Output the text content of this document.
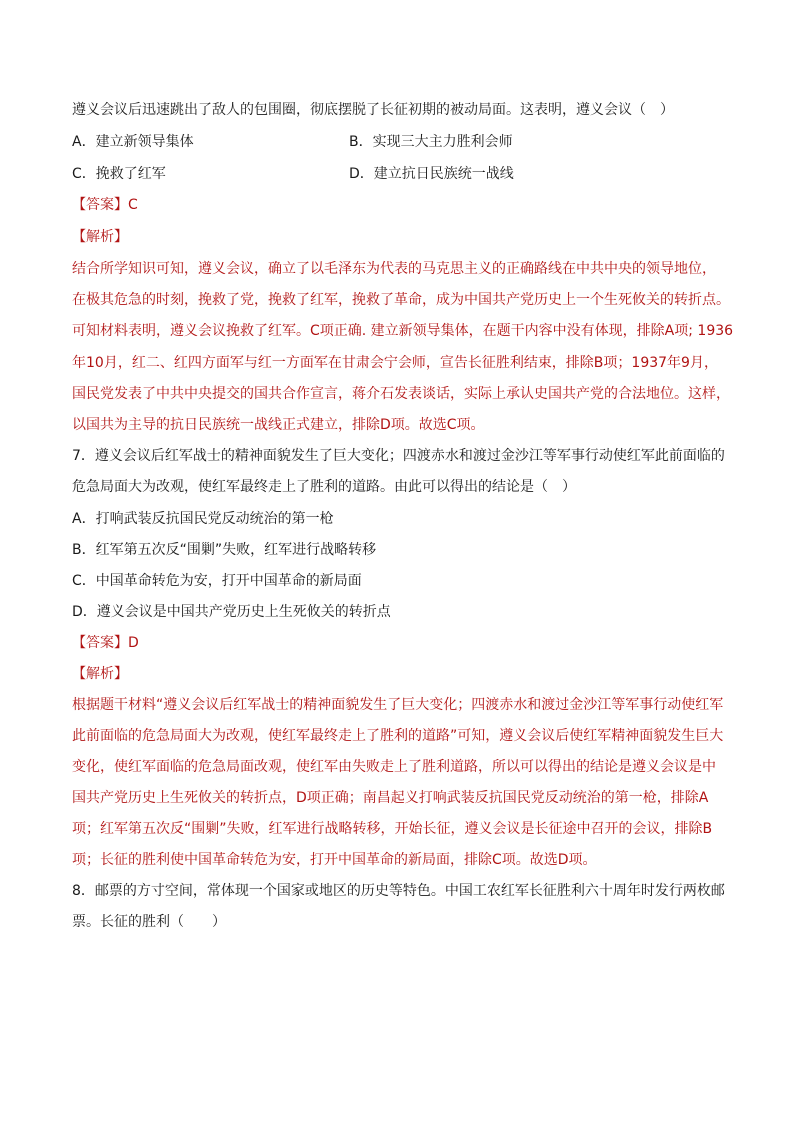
遵义会议后迅速跳出了敌人的包围圈，彻底摆脱了长征初期的被动局面。这表明，遵义会议（　）
A．建立新领导集体	B．实现三大主力胜利会师
C．挽救了红军	D．建立抗日民族统一战线
【答案】C
【解析】
结合所学知识可知，遵义会议，确立了以毛泽东为代表的马克思主义的正确路线在中共中央的领导地位，
在极其危急的时刻，挽救了党，挽救了红军，挽救了革命，成为中国共产党历史上一个生死攸关的转折点。
可知材料表明，遵义会议挽救了红军。C项正确. 建立新领导集体，在题干内容中没有体现，排除A项; 1936
年10月，红二、红四方面军与红一方面军在甘肃会宁会师，宣告长征胜利结束，排除B项；1937年9月，
国民党发表了中共中央提交的国共合作宣言，蒋介石发表谈话，实际上承认史国共产党的合法地位。这样，
以国共为主导的抗日民族统一战线正式建立，排除D项。故选C项。
7．遵义会议后红军战士的精神面貌发生了巨大变化；四渡赤水和渡过金沙江等军事行动使红军此前面临的
危急局面大为改观，使红军最终走上了胜利的道路。由此可以得出的结论是（　）
A．打响武装反抗国民党反动统治的第一枪
B．红军第五次反“围剿”失败，红军进行战略转移
C．中国革命转危为安，打开中国革命的新局面
D．遵义会议是中国共产党历史上生死攸关的转折点
【答案】D
【解析】
根据题干材料“遵义会议后红军战士的精神面貌发生了巨大变化；四渡赤水和渡过金沙江等军事行动使红军
此前面临的危急局面大为改观，使红军最终走上了胜利的道路”可知，遵义会议后使红军精神面貌发生巨大
变化，使红军面临的危急局面改观，使红军由失败走上了胜利道路，所以可以得出的结论是遵义会议是中
国共产党历史上生死攸关的转折点，D项正确；南昌起义打响武装反抗国民党反动统治的第一枪，排除A
项；红军第五次反“围剿”失败，红军进行战略转移，开始长征，遵义会议是长征途中召开的会议，排除B
项；长征的胜利使中国革命转危为安，打开中国革命的新局面，排除C项。故选D项。
8．邮票的方寸空间，常体现一个国家或地区的历史等特色。中国工农红军长征胜利六十周年时发行两枚邮
票。长征的胜利（　　）
